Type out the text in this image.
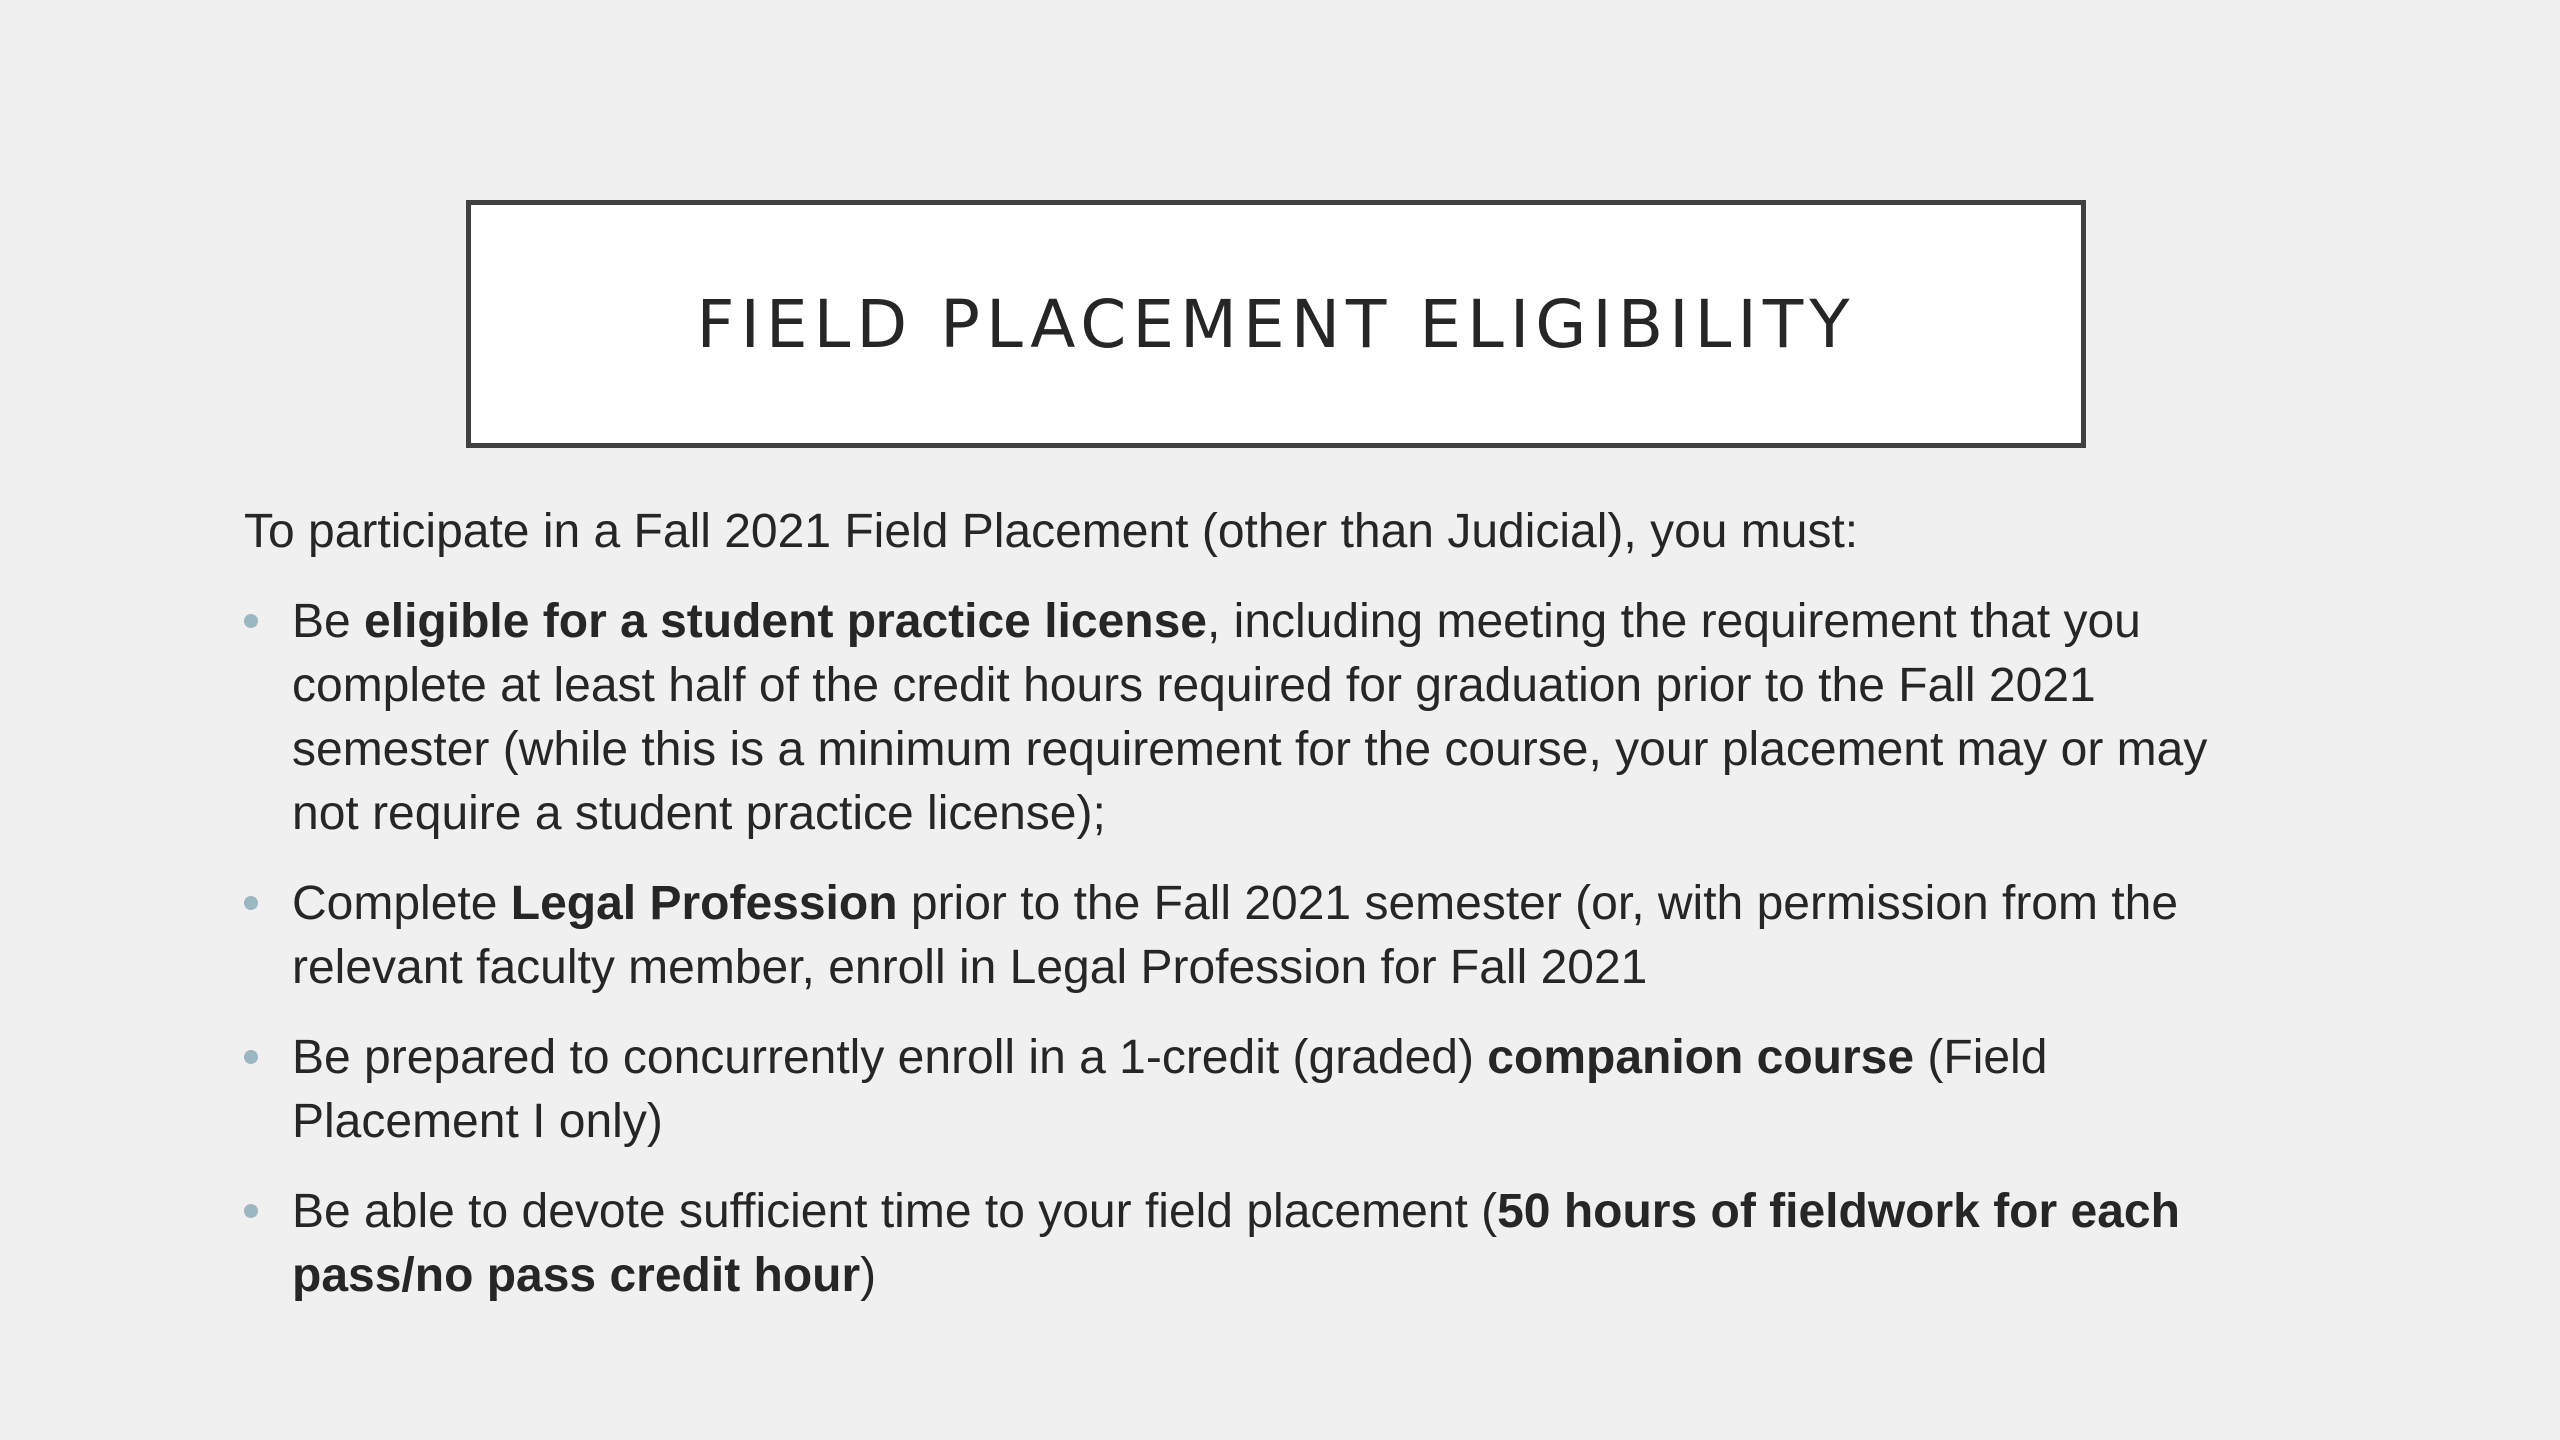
FIELD PLACEMENT ELIGIBILITY

To participate in a Fall 2021 Field Placement (other than Judicial), you must:

Be eligible for a student practice license, including meeting the requirement that you complete at least half of the credit hours required for graduation prior to the Fall 2021 semester (while this is a minimum requirement for the course, your placement may or may not require a student practice license);
Complete Legal Profession prior to the Fall 2021 semester (or, with permission from the relevant faculty member, enroll in Legal Profession for Fall 2021
Be prepared to concurrently enroll in a 1-credit (graded) companion course (Field Placement I only)
Be able to devote sufficient time to your field placement (50 hours of fieldwork for each pass/no pass credit hour)
